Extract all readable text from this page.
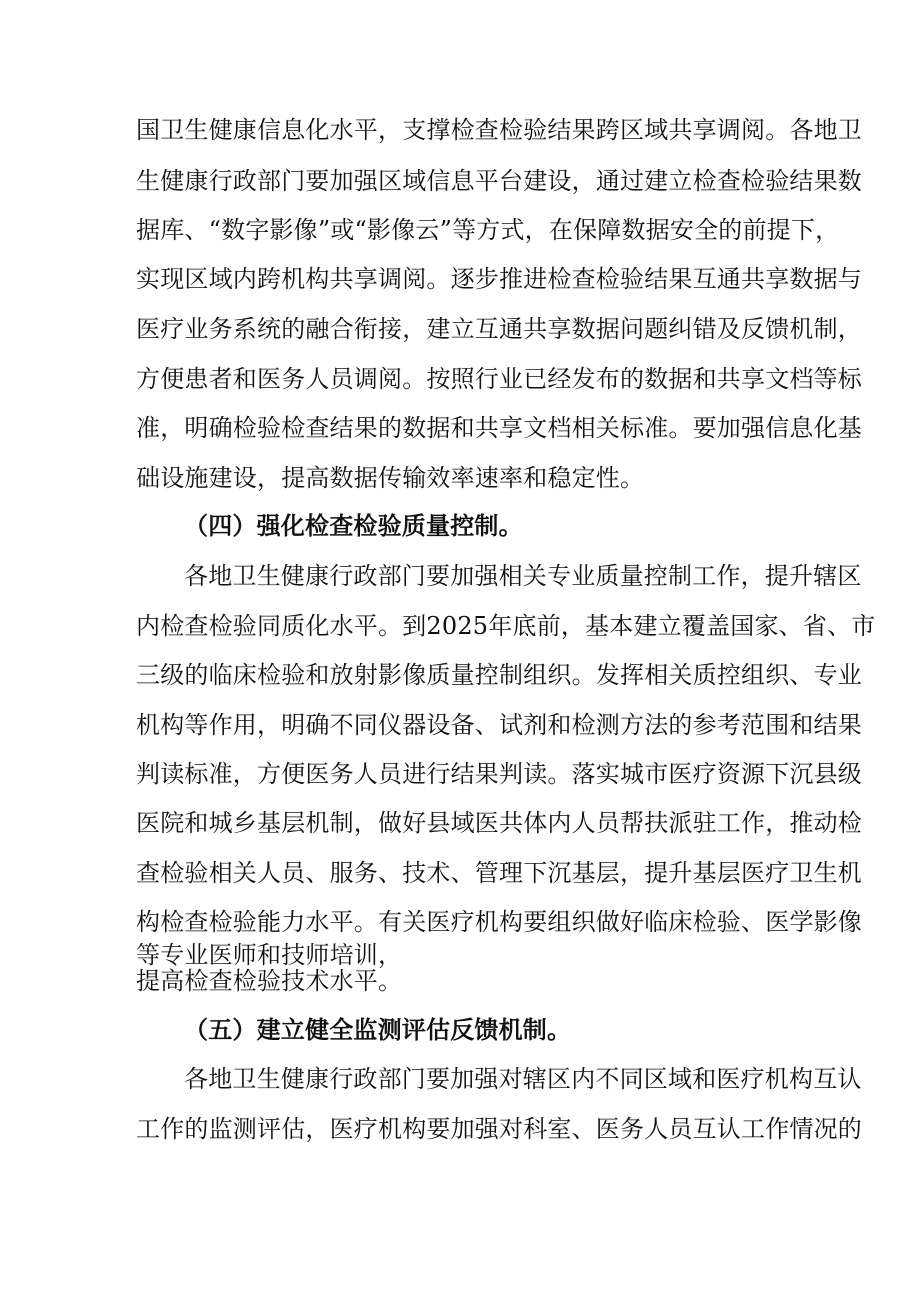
国卫生健康信息化水平，支撑检查检验结果跨区域共享调阅。各地卫
生健康行政部门要加强区域信息平台建设，通过建立检查检验结果数
据库、“数字影像”或“影像云”等方式，在保障数据安全的前提下，
实现区域内跨机构共享调阅。逐步推进检查检验结果互通共享数据与
医疗业务系统的融合衔接，建立互通共享数据问题纠错及反馈机制，
方便患者和医务人员调阅。按照行业已经发布的数据和共享文档等标
准，明确检验检查结果的数据和共享文档相关标准。要加强信息化基
础设施建设，提高数据传输效率速率和稳定性。
（四）强化检查检验质量控制。
各地卫生健康行政部门要加强相关专业质量控制工作，提升辖区
内检查检验同质化水平。到2025年底前，基本建立覆盖国家、省、市
三级的临床检验和放射影像质量控制组织。发挥相关质控组织、专业
机构等作用，明确不同仪器设备、试剂和检测方法的参考范围和结果
判读标准，方便医务人员进行结果判读。落实城市医疗资源下沉县级
医院和城乡基层机制，做好县域医共体内人员帮扶派驻工作，推动检
查检验相关人员、服务、技术、管理下沉基层，提升基层医疗卫生机
构检查检验能力水平。有关医疗机构要组织做好临床检验、医学影像
等专业医师和技师培训，
提高检查检验技术水平。
（五）建立健全监测评估反馈机制。
各地卫生健康行政部门要加强对辖区内不同区域和医疗机构互认
工作的监测评估，医疗机构要加强对科室、医务人员互认工作情况的
